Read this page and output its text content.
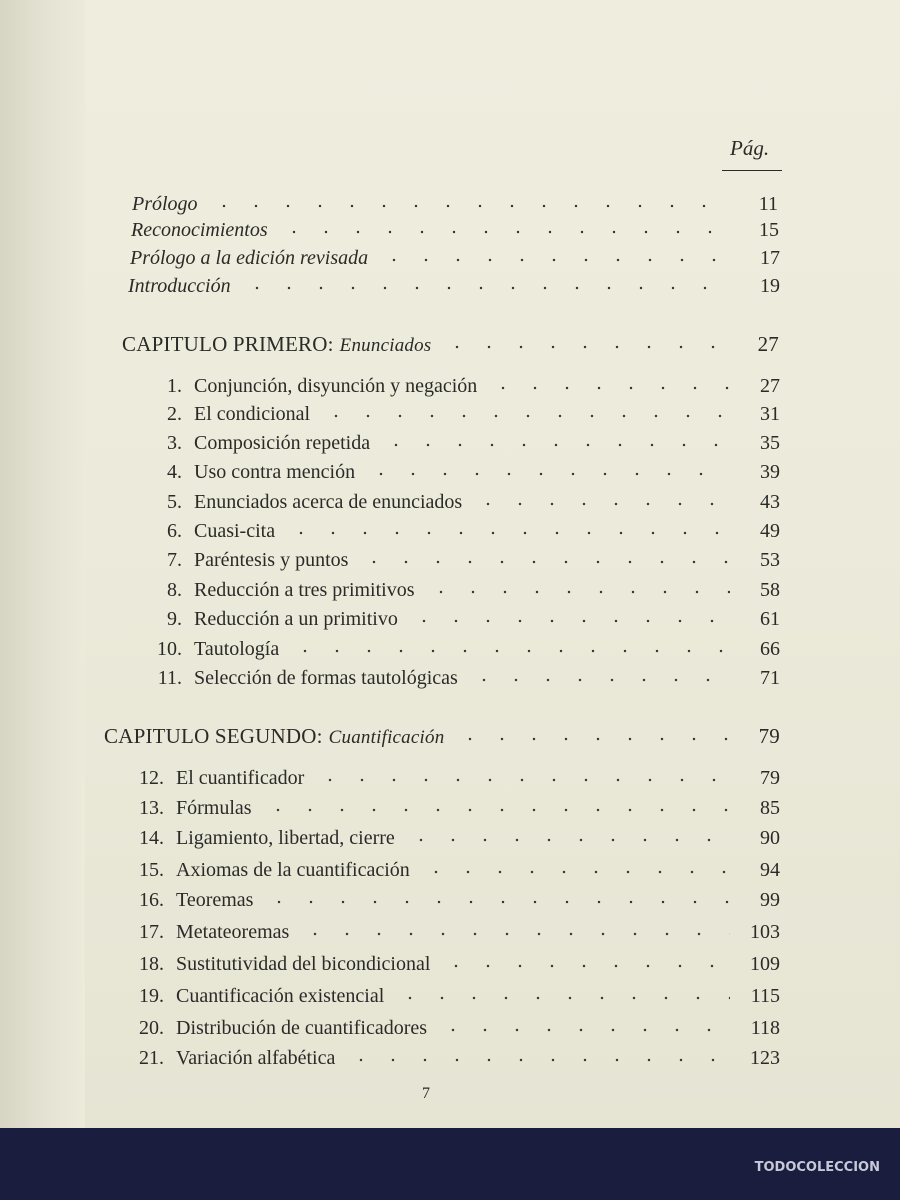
Pág.
Prólogo	11
Reconocimientos	15
Prólogo a la edición revisada	17
Introducción	19
CAPITULO PRIMERO: Enunciados	27
1. Conjunción, disyunción y negación	27
2. El condicional	31
3. Composición repetida	35
4. Uso contra mención	39
5. Enunciados acerca de enunciados	43
6. Cuasi-cita	49
7. Paréntesis y puntos	53
8. Reducción a tres primitivos	58
9. Reducción a un primitivo	61
10. Tautología	66
11. Selección de formas tautológicas	71
CAPITULO SEGUNDO: Cuantificación	79
12. El cuantificador	79
13. Fórmulas	85
14. Ligamiento, libertad, cierre	90
15. Axiomas de la cuantificación	94
16. Teoremas	99
17. Metateoremas	103
18. Sustitutividad del bicondicional	109
19. Cuantificación existencial	115
20. Distribución de cuantificadores	118
21. Variación alfabética	123
7
TODOCOLECCION
